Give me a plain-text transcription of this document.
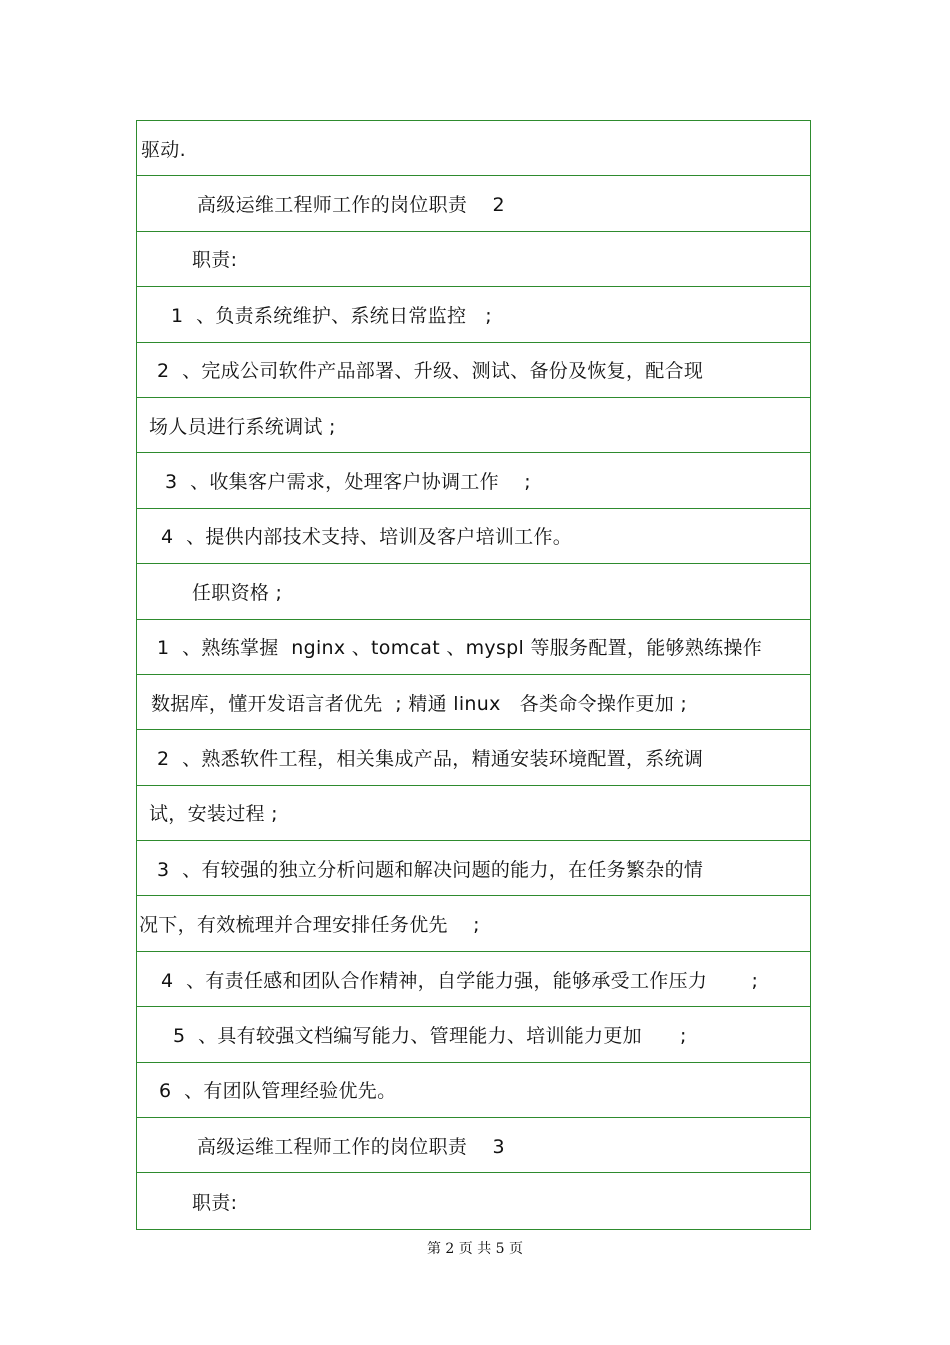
驱动.
高级运维工程师工作的岗位职责    2
职责:
1  、负责系统维护、系统日常监控   ;
2  、完成公司软件产品部署、升级、测试、备份及恢复，配合现
场人员进行系统调试 ;
3  、收集客户需求，处理客户协调工作    ;
4  、提供内部技术支持、培训及客户培训工作。
任职资格 ;
1  、熟练掌握  nginx 、tomcat 、myspl 等服务配置，能够熟练操作
数据库，懂开发语言者优先  ; 精通 linux   各类命令操作更加 ;
2  、熟悉软件工程，相关集成产品，精通安装环境配置，系统调
试，安装过程 ;
3  、有较强的独立分析问题和解决问题的能力，在任务繁杂的情
况下，有效梳理并合理安排任务优先    ;
4  、有责任感和团队合作精神，自学能力强，能够承受工作压力       ;
5  、具有较强文档编写能力、管理能力、培训能力更加      ;
6  、有团队管理经验优先。
高级运维工程师工作的岗位职责    3
职责:
第 2 页 共 5 页
